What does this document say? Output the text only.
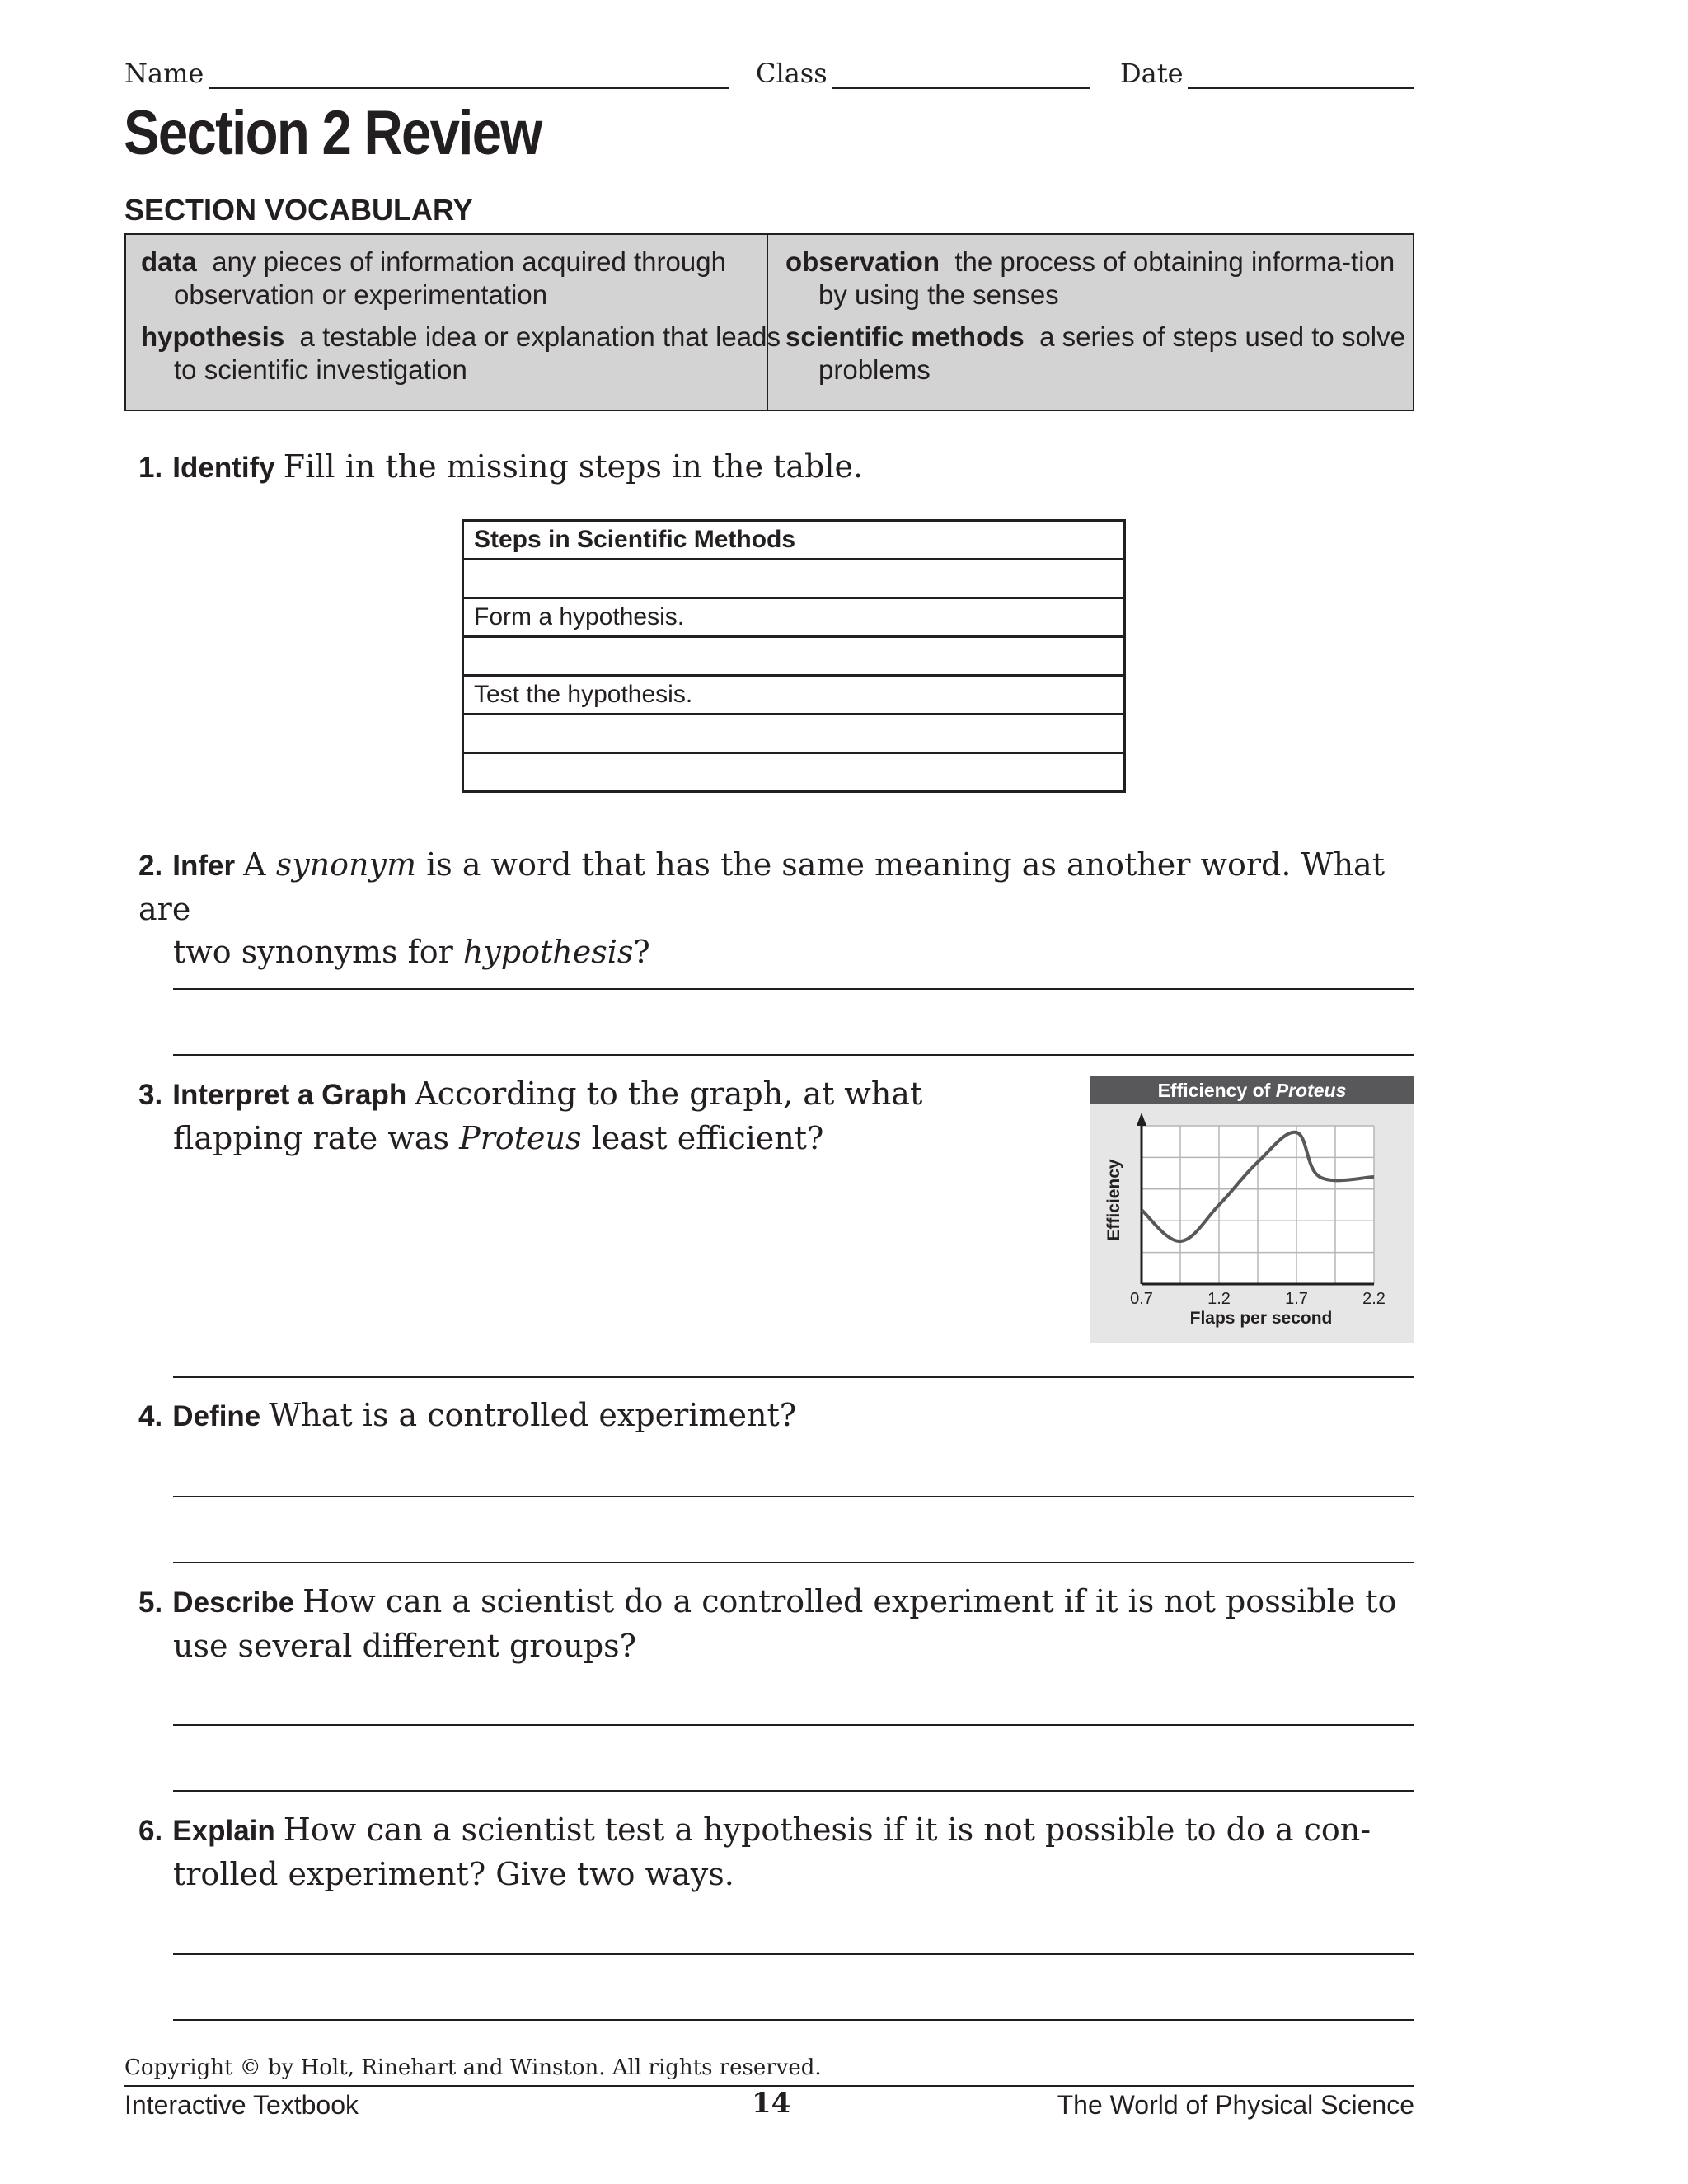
Name	Class	Date
Section 2 Review
SECTION VOCABULARY
data any pieces of information acquired through observation or experimentation
hypothesis a testable idea or explanation that leads to scientific investigation
observation the process of obtaining informa-tion by using the senses
scientific methods a series of steps used to solve problems
1. Identify Fill in the missing steps in the table.
Steps in Scientific Methods

Form a hypothesis.

Test the hypothesis.

2. Infer A synonym is a word that has the same meaning as another word. What are
two synonyms for hypothesis?
3. Interpret a Graph According to the graph, at what
flapping rate was Proteus least efficient?
Efficiency of Proteus
0.7	1.2	1.7	2.2
Flaps per second
Efficiency
4. Define What is a controlled experiment?
5. Describe How can a scientist do a controlled experiment if it is not possible to
use several different groups?
6. Explain How can a scientist test a hypothesis if it is not possible to do a con-
trolled experiment? Give two ways.
Copyright © by Holt, Rinehart and Winston. All rights reserved.
Interactive Textbook	14	The World of Physical Science
